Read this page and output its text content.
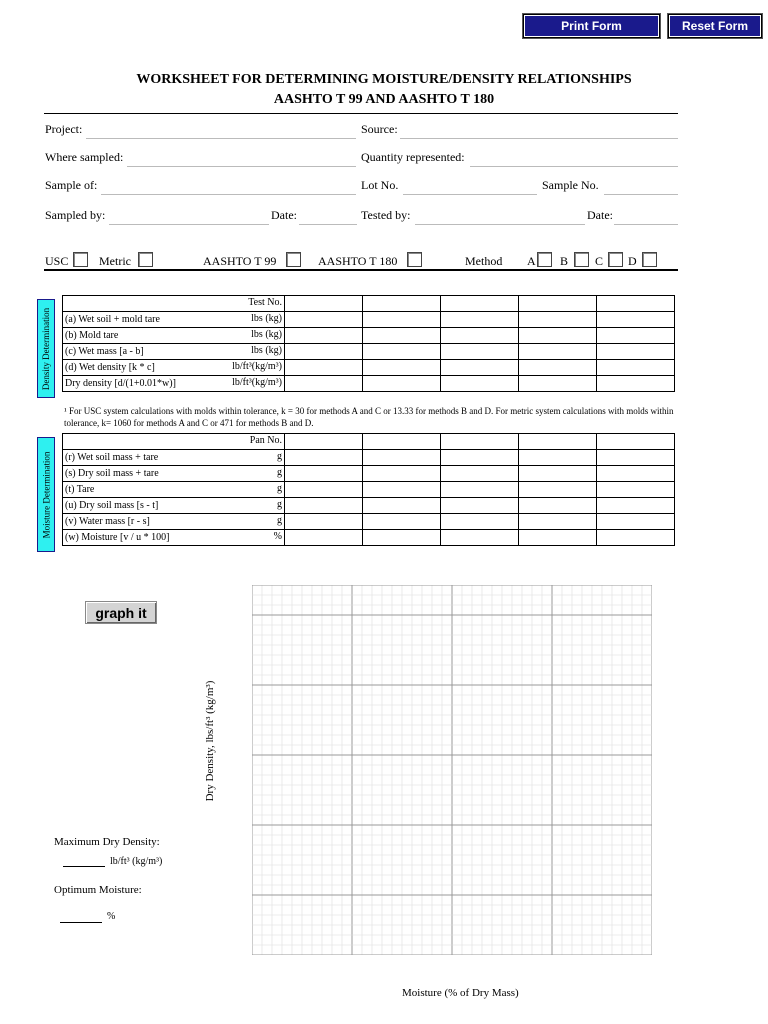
Print Form	Reset Form
WORKSHEET FOR DETERMINING MOISTURE/DENSITY RELATIONSHIPS
AASHTO T 99 AND AASHTO T 180
Project:	Source:
Where sampled:	Quantity represented:
Sample of:	Lot No.	Sample No.
Sampled by:	Date:	Tested by:	Date:
USC	Metric	AASHTO T 99	AASHTO T 180	Method A B C D
Density Determination
Test No.					

(a) Wet soil + mold tare lbs (kg)					

(b) Mold tare lbs (kg)					

(c) Wet mass [a - b] lbs (kg)					

(d) Wet density [k * c] lb/ft³(kg/m³)					

Dry density [d/(1+0.01*w)] lb/ft³(kg/m³)					

¹ For USC system calculations with molds within tolerance, k = 30 for methods A and C or 13.33 for methods B and D. For metric system calculations with molds within tolerance, k= 1060 for methods A and C or 471 for methods B and D.
Moisture Determination
Pan No.					

(r) Wet soil mass + tare g					

(s) Dry soil mass + tare g					

(t) Tare g					

(u) Dry soil mass [s - t] g					

(v) Water mass [r - s] g					

(w) Moisture [v / u * 100] %					

graph it
Dry Density, lbs/ft³ (kg/m³)
Moisture (% of Dry Mass)
Maximum Dry Density:
lb/ft³ (kg/m³)
Optimum Moisture:
%
